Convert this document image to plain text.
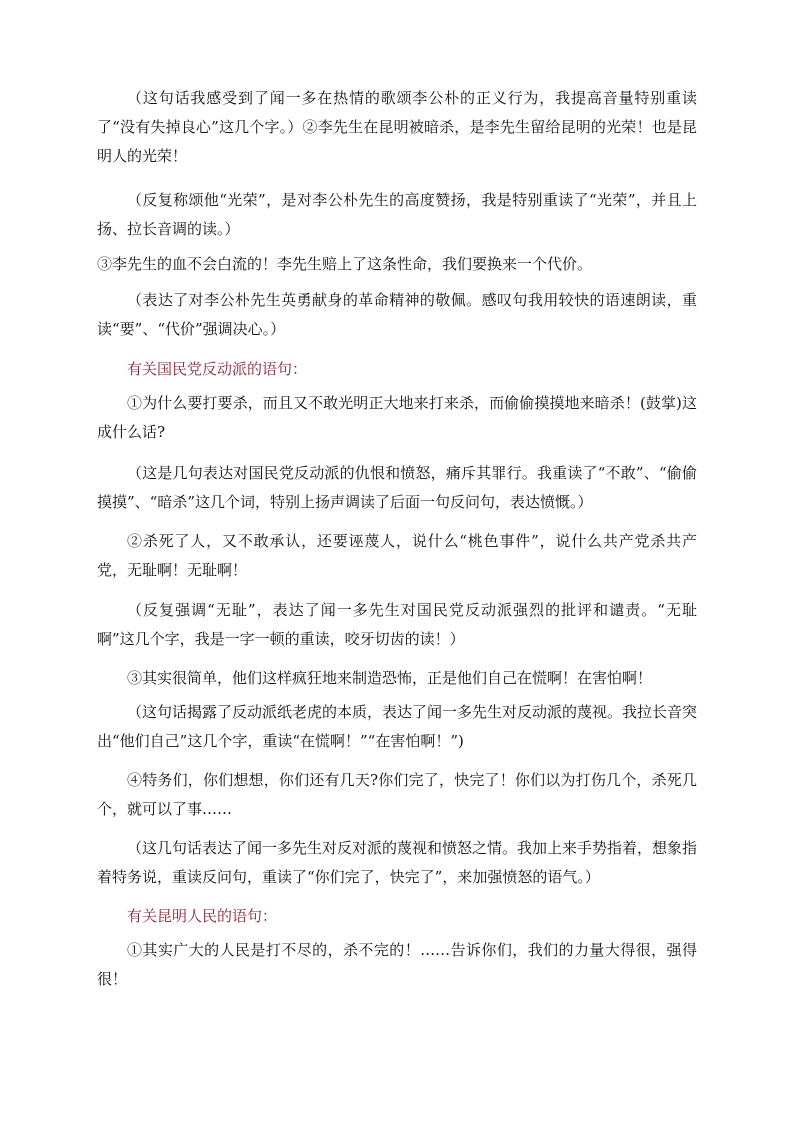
（这句话我感受到了闻一多在热情的歌颂李公朴的正义行为，我提高音量特别重读了“没有失掉良心”这几个字。）②李先生在昆明被暗杀，是李先生留给昆明的光荣！也是昆明人的光荣！

（反复称颂他“光荣”，是对李公朴先生的高度赞扬，我是特别重读了“光荣”，并且上扬、拉长音调的读。）

③李先生的血不会白流的！李先生赔上了这条性命，我们要换来一个代价。

（表达了对李公朴先生英勇献身的革命精神的敬佩。感叹句我用较快的语速朗读，重读“要”、“代价”强调决心。）

有关国民党反动派的语句：

①为什么要打要杀，而且又不敢光明正大地来打来杀，而偷偷摸摸地来暗杀！(鼓掌)这成什么话?

（这是几句表达对国民党反动派的仇恨和愤怒，痛斥其罪行。我重读了“不敢”、“偷偷摸摸”、“暗杀”这几个词，特别上扬声调读了后面一句反问句，表达愤慨。）

②杀死了人，又不敢承认，还要诬蔑人，说什么“桃色事件”，说什么共产党杀共产党，无耻啊！无耻啊！

（反复强调“无耻”，表达了闻一多先生对国民党反动派强烈的批评和谴责。“无耻啊”这几个字，我是一字一顿的重读，咬牙切齿的读！）

③其实很简单，他们这样疯狂地来制造恐怖，正是他们自己在慌啊！在害怕啊！

（这句话揭露了反动派纸老虎的本质，表达了闻一多先生对反动派的蔑视。我拉长音突出“他们自己”这几个字，重读“在慌啊！”“在害怕啊！”)

④特务们，你们想想，你们还有几天?你们完了，快完了！你们以为打伤几个，杀死几个，就可以了事……

（这几句话表达了闻一多先生对反对派的蔑视和愤怒之情。我加上来手势指着，想象指着特务说，重读反问句，重读了“你们完了，快完了”，来加强愤怒的语气。）

有关昆明人民的语句：

①其实广大的人民是打不尽的，杀不完的！……告诉你们，我们的力量大得很，强得很！
